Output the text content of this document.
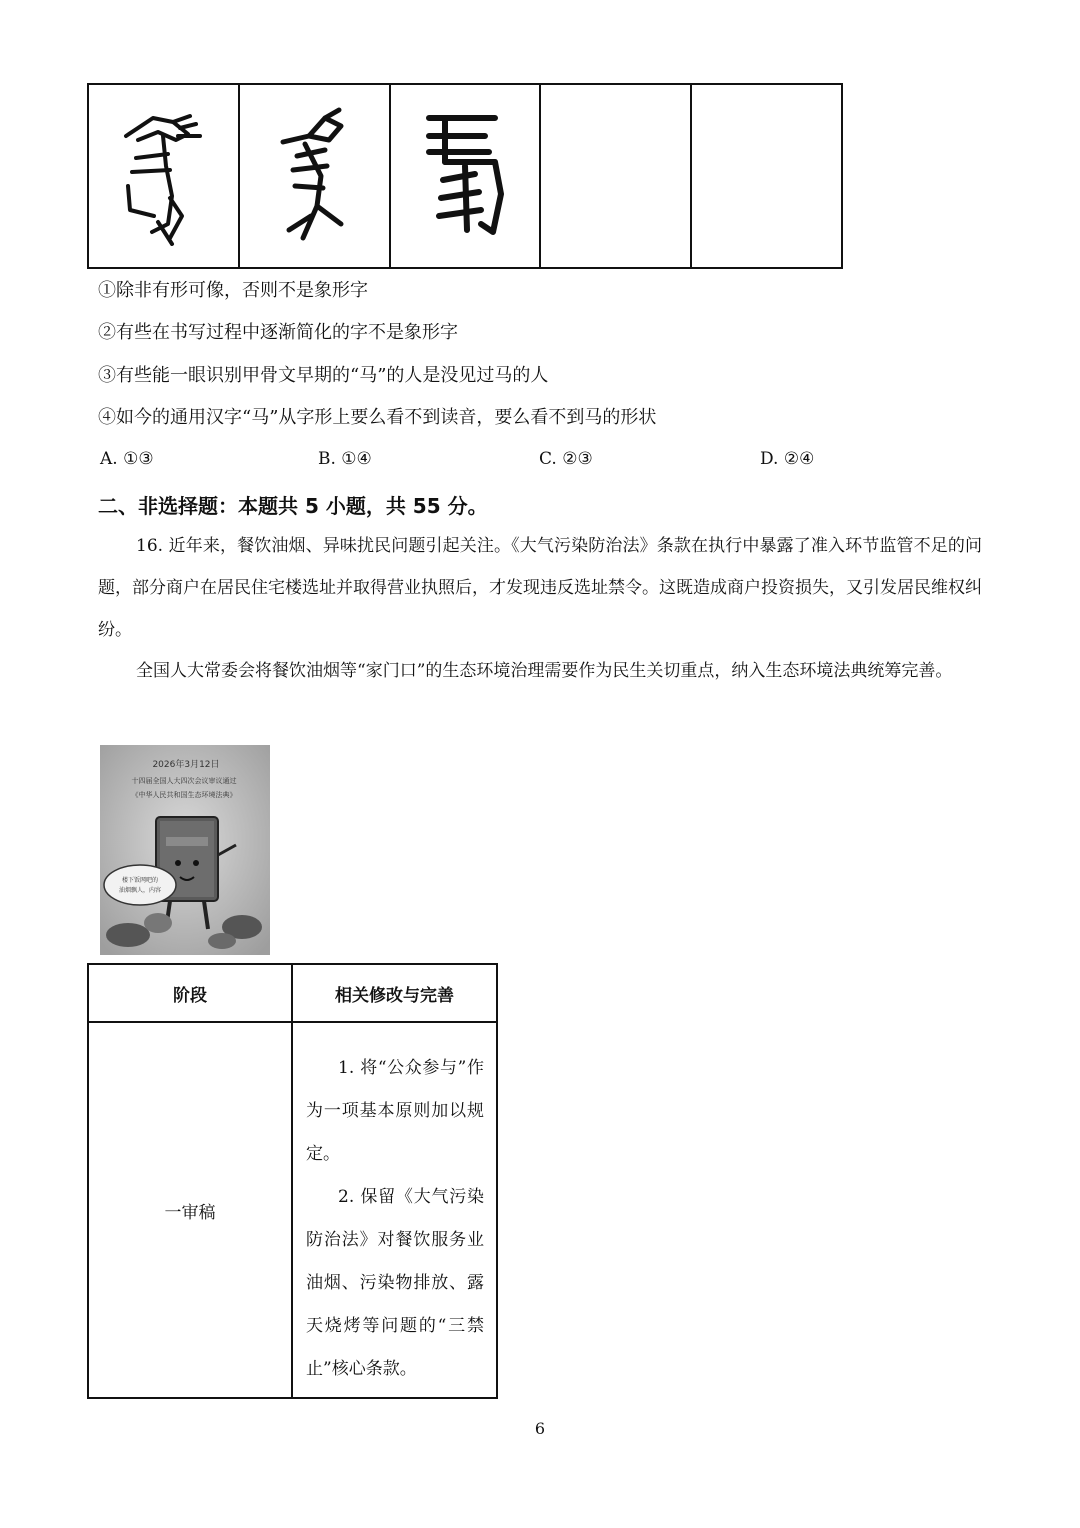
①除非有形可像，否则不是象形字
②有些在书写过程中逐渐简化的字不是象形字
③有些能一眼识别甲骨文早期的“马”的人是没见过马的人
④如今的通用汉字“马”从字形上要么看不到读音，要么看不到马的形状
A. ①③	B. ①④	C. ②③	D. ②④
二、非选择题：本题共 5 小题，共 55 分。
16. 近年来，餐饮油烟、异味扰民问题引起关注。《大气污染防治法》条款在执行中暴露了准入环节监管不足的问题，部分商户在居民住宅楼选址并取得营业执照后，才发现违反选址禁令。这既造成商户投资损失，又引发居民维权纠纷。
全国人大常委会将餐饮油烟等“家门口”的生态环境治理需要作为民生关切重点，纳入生态环境法典统筹完善。
2026年3月12日
十四届全国人大四次会议审议通过
《中华人民共和国生态环境法典》
楼下饭网吧的
油烟飘人，内容
阶段	相关修改与完善
一审稿	1. 将“公众参与”作为一项基本原则加以规定。

2. 保留《大气污染防治法》对餐饮服务业油烟、污染物排放、露天烧烤等问题的“三禁止”核心条款。

6
